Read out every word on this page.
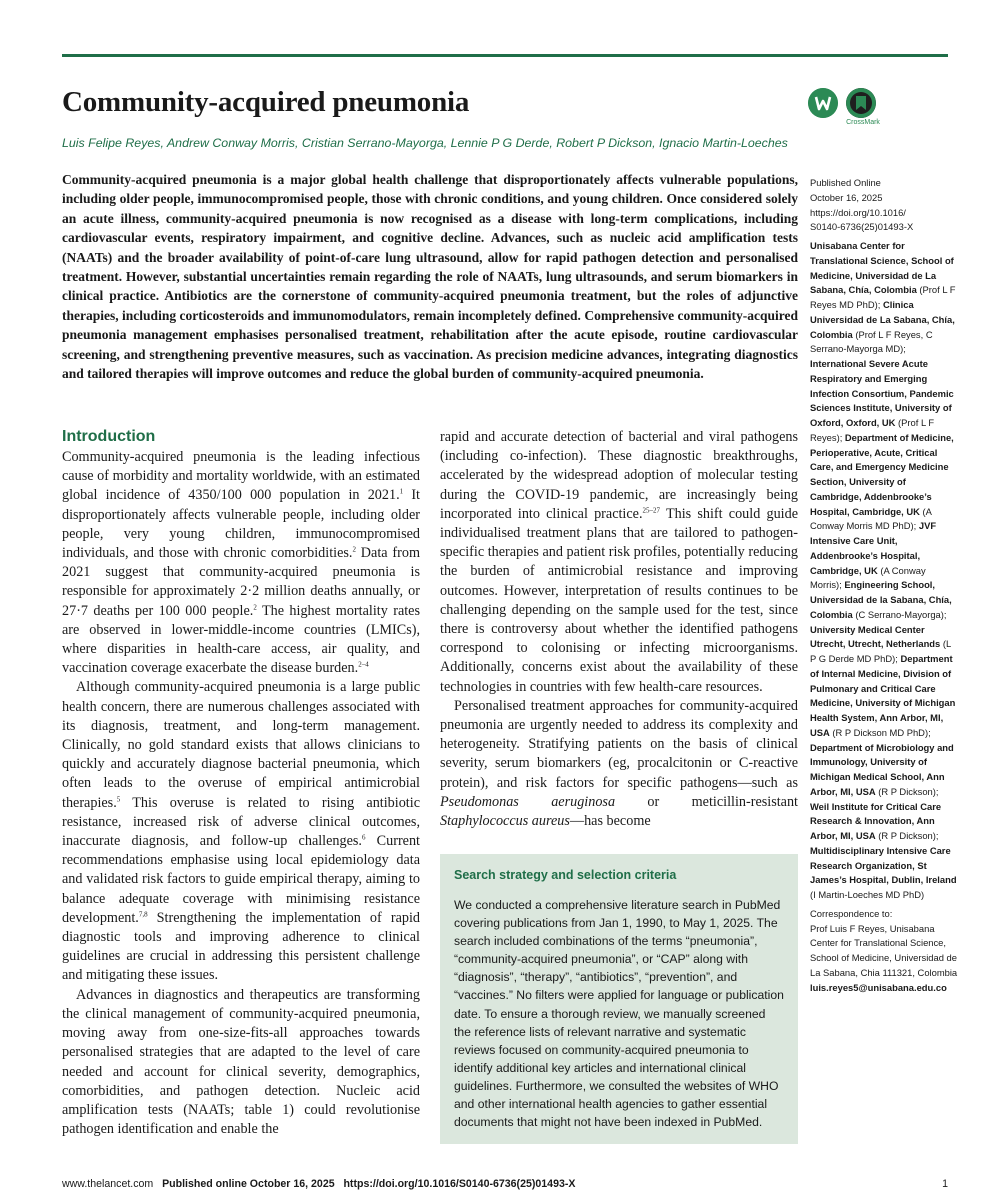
Community-acquired pneumonia
CrossMark
Luis Felipe Reyes, Andrew Conway Morris, Cristian Serrano-Mayorga, Lennie P G Derde, Robert P Dickson, Ignacio Martin-Loeches

Community-acquired pneumonia is a major global health challenge that disproportionately affects vulnerable populations, including older people, immunocompromised people, those with chronic conditions, and young children. Once considered solely an acute illness, community-acquired pneumonia is now recognised as a disease with long-term complications, including cardiovascular events, respiratory impairment, and cognitive decline. Advances, such as nucleic acid amplification tests (NAATs) and the broader availability of point-of-care lung ultrasound, allow for rapid pathogen detection and personalised treatment. However, substantial uncertainties remain regarding the role of NAATs, lung ultrasounds, and serum biomarkers in clinical practice. Antibiotics are the cornerstone of community-acquired pneumonia treatment, but the roles of adjunctive therapies, including corticosteroids and immunomodulators, remain incompletely defined. Comprehensive community-acquired pneumonia management emphasises personalised treatment, rehabilitation after the acute episode, routine cardiovascular screening, and strengthening preventive measures, such as vaccination. As precision medicine advances, integrating diagnostics and tailored therapies will improve outcomes and reduce the global burden of community-acquired pneumonia.

Introduction

Community-acquired pneumonia is the leading infectious cause of morbidity and mortality worldwide, with an estimated global incidence of 4350/100 000 population in 2021.$^1$ It disproportionately affects vulnerable people, including older people, very young children, immunocompromised individuals, and those with chronic comorbidities.$^2$ Data from 2021 suggest that community-acquired pneumonia is responsible for approximately 2·2 million deaths annually, or 27·7 deaths per 100 000 people.$^2$ The highest mortality rates are observed in lower-middle-income countries (LMICs), where disparities in health-care access, air quality, and vaccination coverage exacerbate the disease burden.$^{2-4}$

Although community-acquired pneumonia is a large public health concern, there are numerous challenges associated with its diagnosis, treatment, and long-term management. Clinically, no gold standard exists that allows clinicians to quickly and accurately diagnose bacterial pneumonia, which often leads to the overuse of empirical antimicrobial therapies.$^5$ This overuse is related to rising antibiotic resistance, increased risk of adverse clinical outcomes, inaccurate diagnosis, and follow-up challenges.$^6$ Current recommendations emphasise using local epidemiology data and validated risk factors to guide empirical therapy, aiming to balance adequate coverage with minimising resistance development.$^{7,8}$ Strengthening the implementation of rapid diagnostic tools and improving adherence to clinical guidelines are crucial in addressing this persistent challenge and mitigating these issues.

Advances in diagnostics and therapeutics are transforming the clinical management of community-acquired pneumonia, moving away from one-size-fits-all approaches towards personalised strategies that are adapted to the level of care needed and account for clinical severity, demographics, comorbidities, and pathogen detection. Nucleic acid amplification tests (NAATs; table 1) could revolutionise pathogen identification and enable the

rapid and accurate detection of bacterial and viral pathogens (including co-infection). These diagnostic breakthroughs, accelerated by the widespread adoption of molecular testing during the COVID-19 pandemic, are increasingly being incorporated into clinical practice.$^{25-27}$ This shift could guide individualised treatment plans that are tailored to pathogen-specific therapies and patient risk profiles, potentially reducing the burden of antimicrobial resistance and improving outcomes. However, interpretation of results continues to be challenging depending on the sample used for the test, since there is controversy about whether the identified pathogens correspond to colonising or infecting microorganisms. Additionally, concerns exist about the availability of these technologies in countries with few health-care resources.

Personalised treatment approaches for community-acquired pneumonia are urgently needed to address its complexity and heterogeneity. Stratifying patients on the basis of clinical severity, serum biomarkers (eg, procalcitonin or C-reactive protein), and risk factors for specific pathogens—such as Pseudomonas aeruginosa or meticillin-resistant Staphylococcus aureus—has become

Search strategy and selection criteria

We conducted a comprehensive literature search in PubMed covering publications from Jan 1, 1990, to May 1, 2025. The search included combinations of the terms “pneumonia”, “community-acquired pneumonia”, or “CAP” along with “diagnosis”, “therapy”, “antibiotics”, “prevention”, and “vaccines.” No filters were applied for language or publication date. To ensure a thorough review, we manually screened the reference lists of relevant narrative and systematic reviews focused on community-acquired pneumonia to identify additional key articles and international clinical guidelines. Furthermore, we consulted the websites of WHO and other international health agencies to gather essential documents that might not have been indexed in PubMed.

Published Online
October 16, 2025
https://doi.org/10.1016/
S0140-6736(25)01493-X

Unisabana Center for Translational Science, School of Medicine, Universidad de La Sabana, Chía, Colombia (Prof L F Reyes MD PhD); Clinica Universidad de La Sabana, Chía, Colombia (Prof L F Reyes, C Serrano-Mayorga MD); International Severe Acute Respiratory and Emerging Infection Consortium, Pandemic Sciences Institute, University of Oxford, Oxford, UK (Prof L F Reyes); Department of Medicine, Perioperative, Acute, Critical Care, and Emergency Medicine Section, University of Cambridge, Addenbrooke’s Hospital, Cambridge, UK (A Conway Morris MD PhD); JVF Intensive Care Unit, Addenbrooke’s Hospital, Cambridge, UK (A Conway Morris); Engineering School, Universidad de la Sabana, Chía, Colombia (C Serrano-Mayorga); University Medical Center Utrecht, Utrecht, Netherlands (L P G Derde MD PhD); Department of Internal Medicine, Division of Pulmonary and Critical Care Medicine, University of Michigan Health System, Ann Arbor, MI, USA (R P Dickson MD PhD); Department of Microbiology and Immunology, University of Michigan Medical School, Ann Arbor, MI, USA (R P Dickson); Weil Institute for Critical Care Research & Innovation, Ann Arbor, MI, USA (R P Dickson); Multidisciplinary Intensive Care Research Organization, St James’s Hospital, Dublin, Ireland (I Martin-Loeches MD PhD)

Correspondence to:
Prof Luis F Reyes, Unisabana Center for Translational Science, School of Medicine, Universidad de La Sabana, Chia 111321, Colombia
luis.reyes5@unisabana.edu.co

www.thelancet.com Published online October 16, 2025 https://doi.org/10.1016/S0140-6736(25)01493-X	1
